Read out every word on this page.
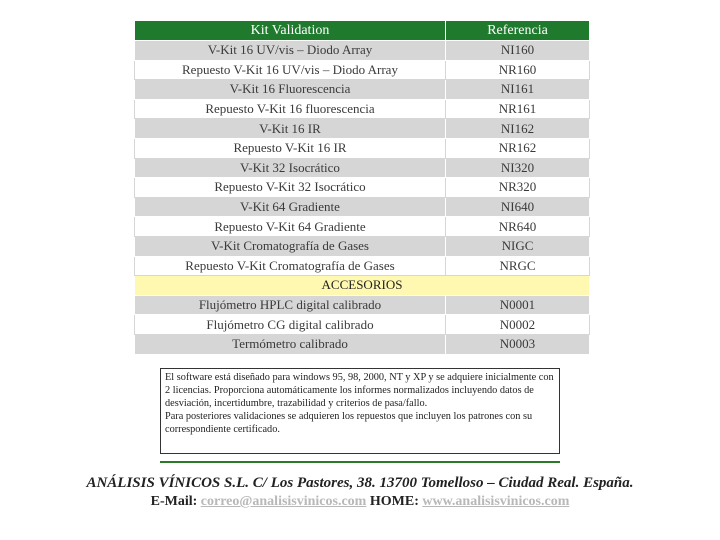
Kit Validation	Referencia
V-Kit 16 UV/vis – Diodo Array	NI160
Repuesto V-Kit 16 UV/vis – Diodo Array	NR160
V-Kit 16 Fluorescencia	NI161
Repuesto V-Kit 16 fluorescencia	NR161
V-Kit 16 IR	NI162
Repuesto V-Kit 16 IR	NR162
V-Kit 32 Isocrático	NI320
Repuesto V-Kit 32 Isocrático	NR320
V-Kit 64 Gradiente	NI640
Repuesto V-Kit 64 Gradiente	NR640
V-Kit Cromatografía de Gases	NIGC
Repuesto V-Kit Cromatografía de Gases	NRGC
ACCESORIOS	
Flujómetro HPLC digital calibrado	N0001
Flujómetro CG digital calibrado	N0002
Termómetro calibrado	N0003

El software está diseñado para windows 95, 98, 2000, NT y XP y se adquiere inicialmente con 2 licencias. Proporciona automáticamente los informes normalizados incluyendo datos de desviación, incertidumbre, trazabilidad y criterios de pasa/fallo.

Para posteriores validaciones se adquieren los repuestos que incluyen los patrones con su correspondiente certificado.

ANÁLISIS VÍNICOS S.L. C/ Los Pastores, 38. 13700 Tomelloso – Ciudad Real. España.
E-Mail: correo@analisisvinicos.com HOME: www.analisisvinicos.com
